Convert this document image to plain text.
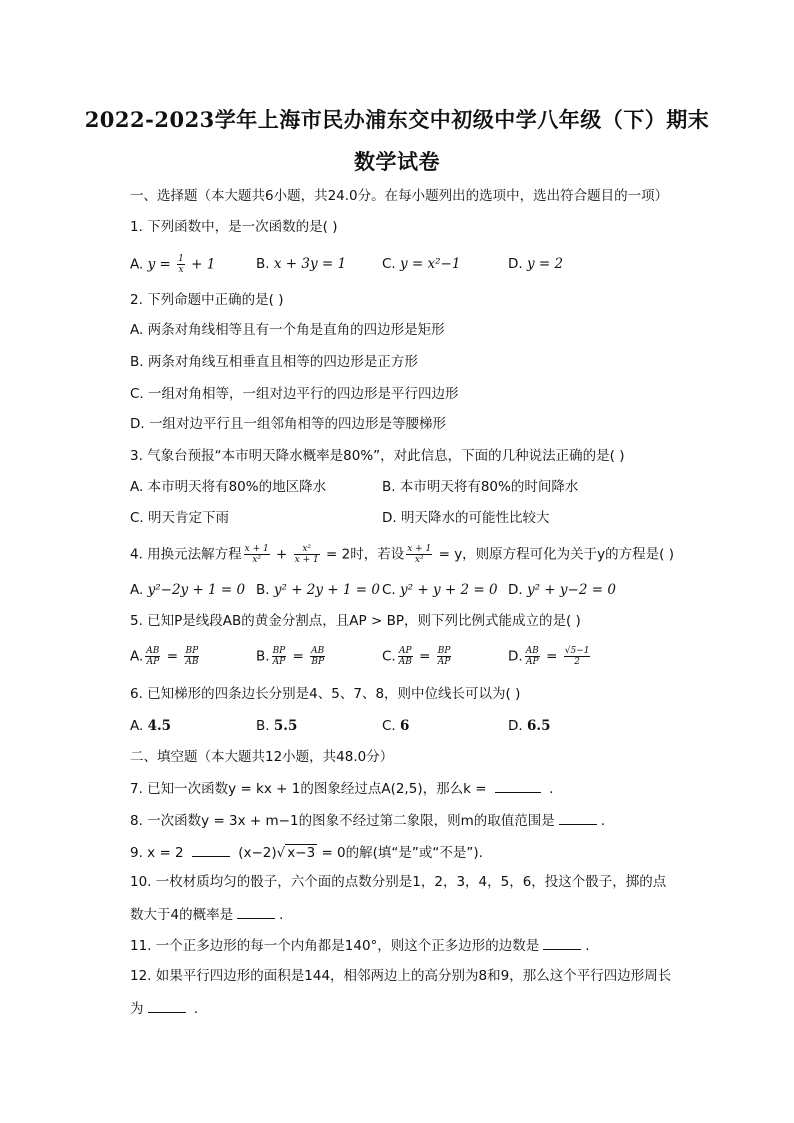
2022-2023学年上海市民办浦东交中初级中学八年级（下）期末
数学试卷
一、选择题（本大题共6小题，共24.0分。在每小题列出的选项中，选出符合题目的一项）
1. 下列函数中，是一次函数的是( )
A. $y = \frac{1}{x} + 1$	B. x + 3y = 1	C. y = x²−1	D. y = 2
2. 下列命题中正确的是( )
A. 两条对角线相等且有一个角是直角的四边形是矩形
B. 两条对角线互相垂直且相等的四边形是正方形
C. 一组对角相等，一组对边平行的四边形是平行四边形
D. 一组对边平行且一组邻角相等的四边形是等腰梯形
3. 气象台预报“本市明天降水概率是80%”，对此信息，下面的几种说法正确的是( )
A. 本市明天将有80%的地区降水	B. 本市明天将有80%的时间降水
C. 明天肯定下雨	D. 明天降水的可能性比较大
4. 用换元法解方程 $\frac{x + 1}{\text{x²}} + \frac{\text{x²}}{x + 1} = 2$时，若设 $\frac{x + 1}{\text{x²}} = y$，则原方程可化为关于y的方程是( )
A. y²−2y + 1 = 0 B. y² + 2y + 1 = 0 C. y² + y + 2 = 0 D. y² + y−2 = 0
5. 已知P是线段AB的黄金分割点，且AP > BP，则下列比例式能成立的是( )
A. $\frac{AB}{AP} = \frac{BP}{AB}$	B. $\frac{BP}{AP} = \frac{AB}{BP}$	C. $\frac{AP}{AB} = \frac{BP}{AP}$	D. $\frac{AB}{AP} = \frac{√5-1}{2}$
6. 已知梯形的四条边长分别是4、5、7、8，则中位线长可以为( )
A. 4.5	B. 5.5	C. 6	D. 6.5
二、填空题（本大题共12小题，共48.0分）
7. 已知一次函数y = kx + 1的图象经过点A(2,5)，那么k =	.
8. 一次函数y = 3x + m−1的图象不经过第二象限，则m的取值范围是	.
9. x = 2	(x−2)√ x−3 = 0的解(填“是”或“不是”).
10. 一枚材质均匀的骰子，六个面的点数分别是1，2，3，4，5，6，投这个骰子，掷的点
数大于4的概率是	.
11. 一个正多边形的每一个内角都是140°，则这个正多边形的边数是	.
12. 如果平行四边形的面积是144，相邻两边上的高分别为8和9，那么这个平行四边形周长
为	.
